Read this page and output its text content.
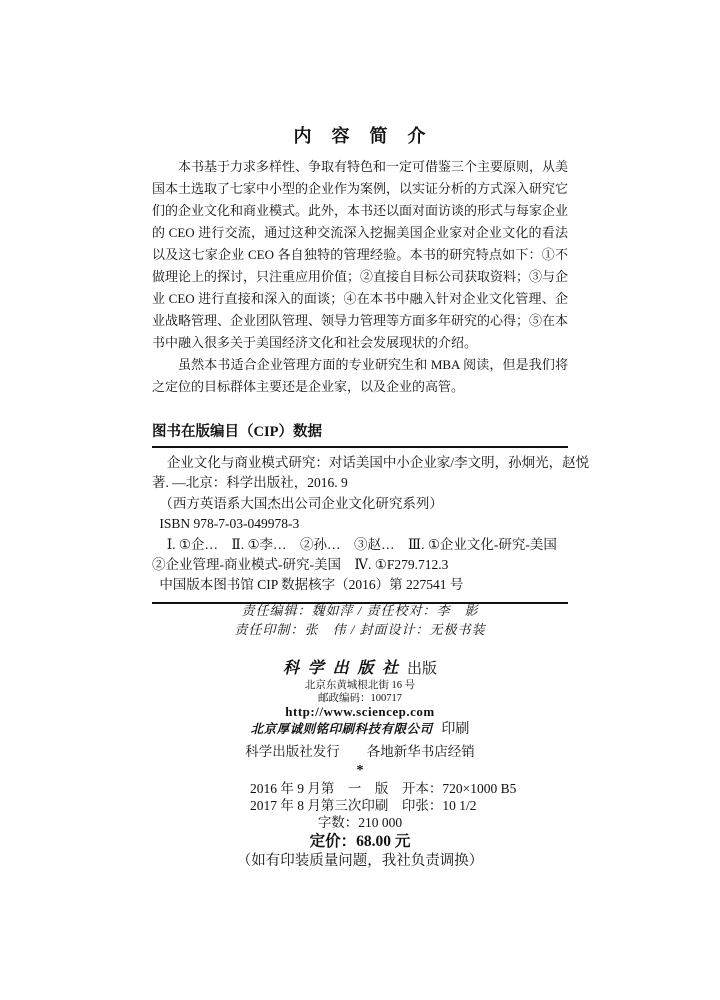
内　容　简　介

本书基于力求多样性、争取有特色和一定可借鉴三个主要原则，从美国本土选取了七家中小型的企业作为案例，以实证分析的方式深入研究它们的企业文化和商业模式。此外，本书还以面对面访谈的形式与每家企业的 CEO 进行交流，通过这种交流深入挖掘美国企业家对企业文化的看法以及这七家企业 CEO 各自独特的管理经验。本书的研究特点如下：①不做理论上的探讨，只注重应用价值；②直接自目标公司获取资料；③与企业 CEO 进行直接和深入的面谈；④在本书中融入针对企业文化管理、企业战略管理、企业团队管理、领导力管理等方面多年研究的心得；⑤在本书中融入很多关于美国经济文化和社会发展现状的介绍。

虽然本书适合企业管理方面的专业研究生和 MBA 阅读，但是我们将之定位的目标群体主要还是企业家，以及企业的高管。

图书在版编目（CIP）数据
企业文化与商业模式研究：对话美国中小企业家/李文明，孙炯光，赵悦
著. —北京：科学出版社，2016. 9
（西方英语系大国杰出公司企业文化研究系列）
ISBN 978-7-03-049978-3
Ⅰ. ①企…　Ⅱ. ①李…　②孙…　③赵…　Ⅲ. ①企业文化-研究-美国
②企业管理-商业模式-研究-美国　Ⅳ. ①F279.712.3
中国版本图书馆 CIP 数据核字（2016）第 227541 号
责任编辑：魏如萍 / 责任校对：李　影
责任印制：张　伟 / 封面设计：无极书装
科学出版社出版
北京东黄城根北街 16 号
邮政编码：100717
http://www.sciencep.com
北京厚诚则铭印刷科技有限公司 印刷
科学出版社发行　　各地新华书店经销
*
2016 年 9 月第　一　版 开本：720×1000 B5
2017 年 8 月第三次印刷 印张：10 1/2
字数：210 000
定价：68.00 元
（如有印装质量问题，我社负责调换）
